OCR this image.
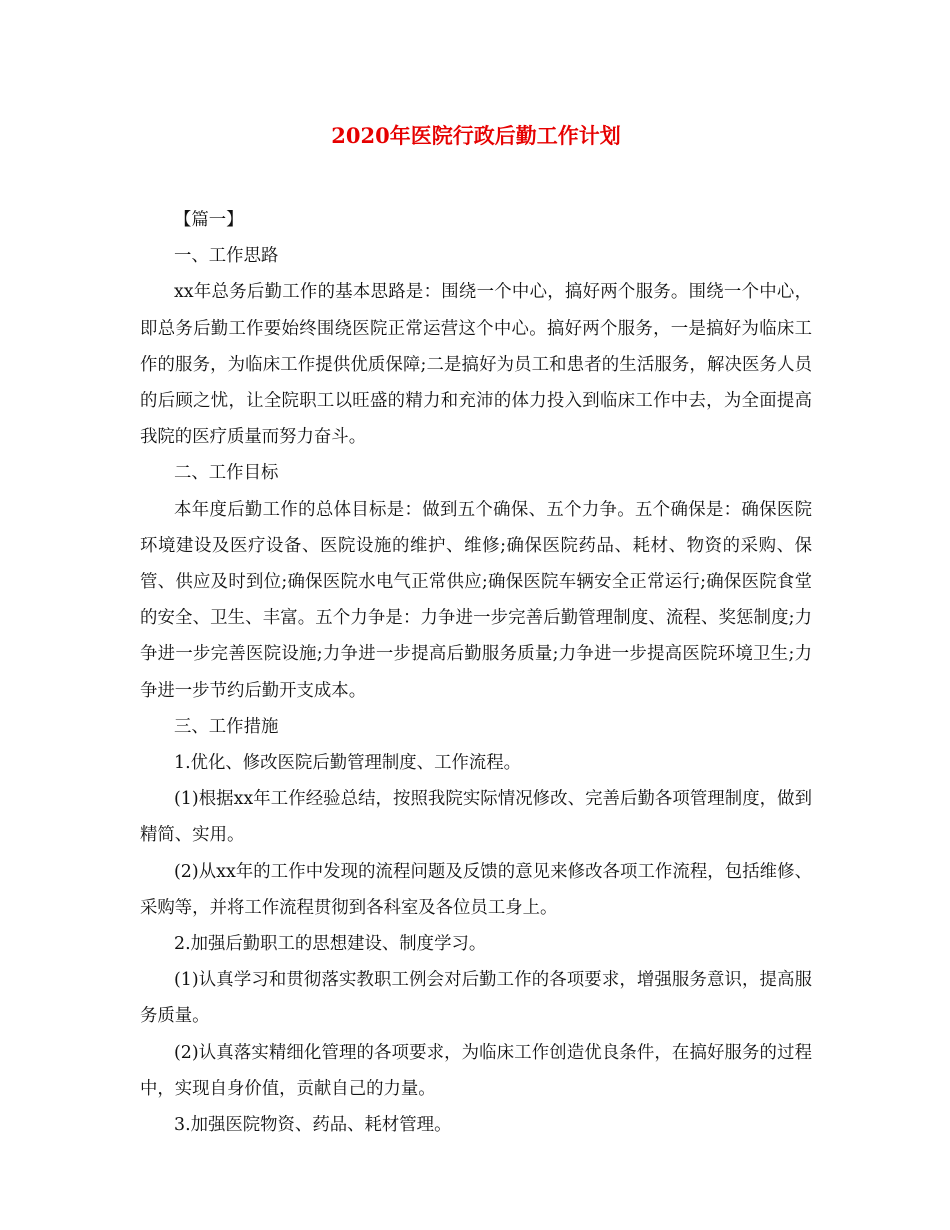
2020年医院行政后勤工作计划

【篇一】

一、工作思路

xx年总务后勤工作的基本思路是：围绕一个中心，搞好两个服务。围绕一个中心，即总务后勤工作要始终围绕医院正常运营这个中心。搞好两个服务，一是搞好为临床工作的服务，为临床工作提供优质保障;二是搞好为员工和患者的生活服务，解决医务人员的后顾之忧，让全院职工以旺盛的精力和充沛的体力投入到临床工作中去，为全面提高我院的医疗质量而努力奋斗。

二、工作目标

本年度后勤工作的总体目标是：做到五个确保、五个力争。五个确保是：确保医院环境建设及医疗设备、医院设施的维护、维修;确保医院药品、耗材、物资的采购、保管、供应及时到位;确保医院水电气正常供应;确保医院车辆安全正常运行;确保医院食堂的安全、卫生、丰富。五个力争是：力争进一步完善后勤管理制度、流程、奖惩制度;力争进一步完善医院设施;力争进一步提高后勤服务质量;力争进一步提高医院环境卫生;力争进一步节约后勤开支成本。

三、工作措施

1.优化、修改医院后勤管理制度、工作流程。

(1)根据xx年工作经验总结，按照我院实际情况修改、完善后勤各项管理制度，做到精简、实用。

(2)从xx年的工作中发现的流程问题及反馈的意见来修改各项工作流程，包括维修、采购等，并将工作流程贯彻到各科室及各位员工身上。

2.加强后勤职工的思想建设、制度学习。

(1)认真学习和贯彻落实教职工例会对后勤工作的各项要求，增强服务意识，提高服务质量。

(2)认真落实精细化管理的各项要求，为临床工作创造优良条件，在搞好服务的过程中，实现自身价值，贡献自己的力量。

3.加强医院物资、药品、耗材管理。
